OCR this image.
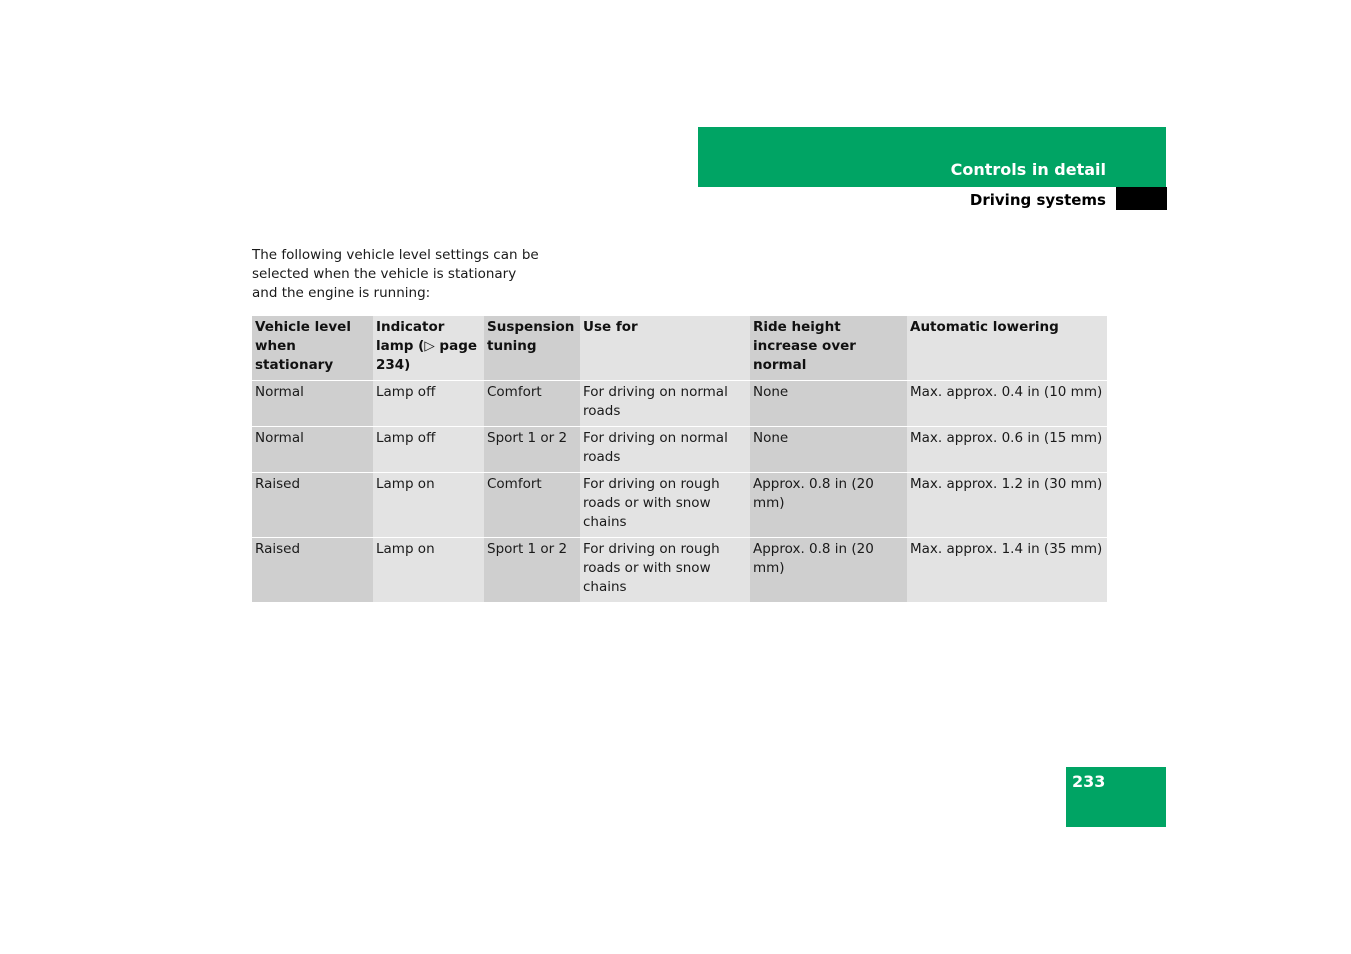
Controls in detail
Driving systems
The following vehicle level settings can be selected when the vehicle is stationary and the engine is running:
Vehicle level when stationary	Indicator lamp (▷ page 234)	Suspension tuning	Use for	Ride height increase over normal	Automatic lowering
Normal	Lamp off	Comfort	For driving on normal roads	None	Max. approx. 0.4 in (10 mm)
Normal	Lamp off	Sport 1 or 2	For driving on normal roads	None	Max. approx. 0.6 in (15 mm)
Raised	Lamp on	Comfort	For driving on rough roads or with snow chains	Approx. 0.8 in (20 mm)	Max. approx. 1.2 in (30 mm)
Raised	Lamp on	Sport 1 or 2	For driving on rough roads or with snow chains	Approx. 0.8 in (20 mm)	Max. approx. 1.4 in (35 mm)
233
